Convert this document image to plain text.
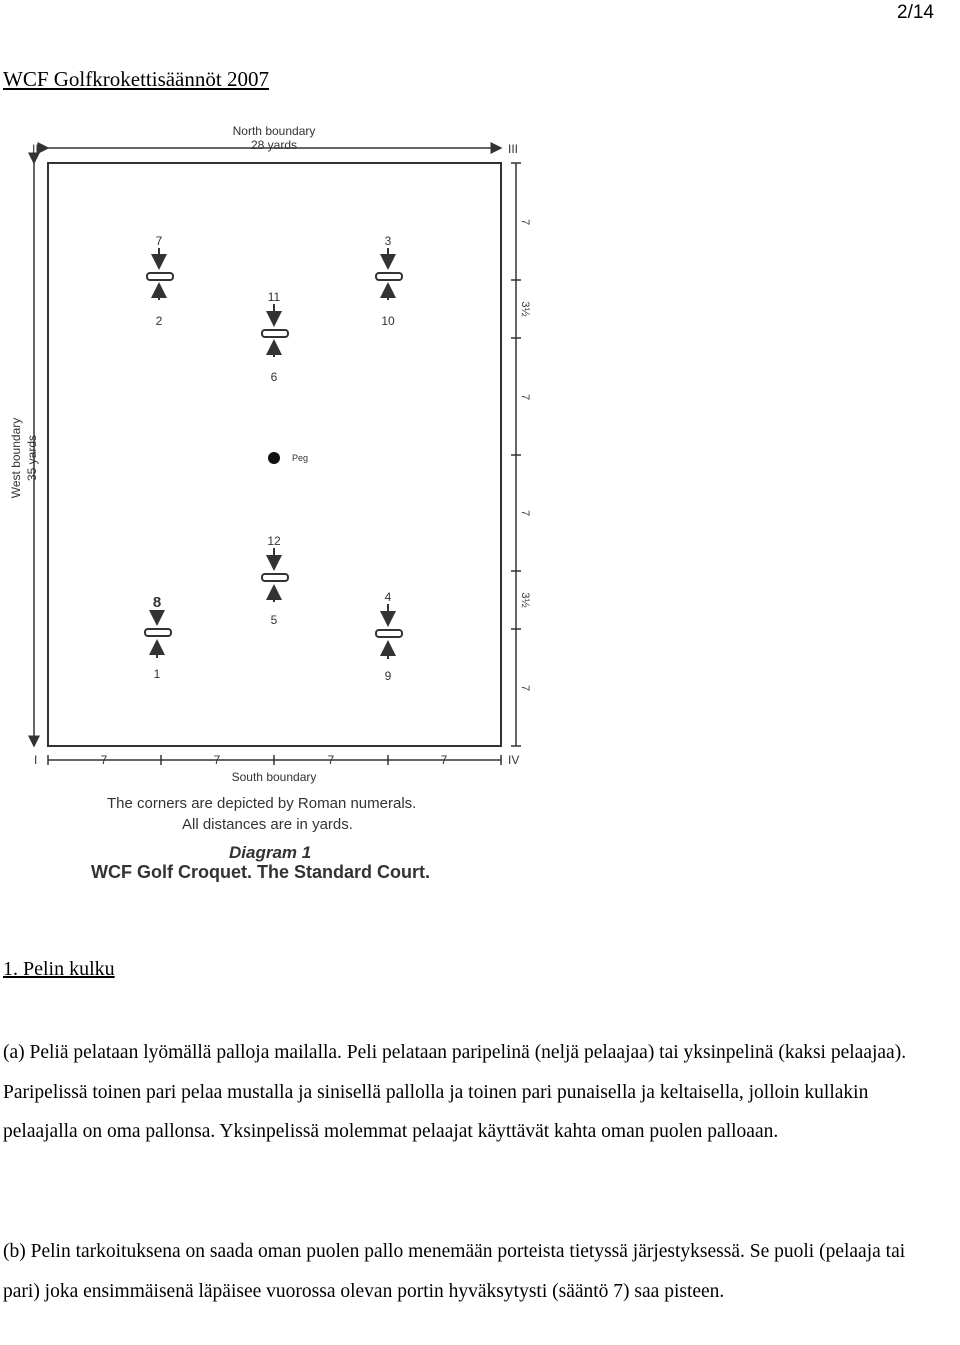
2/14
WCF Golfkrokettisäännöt 2007
North boundary
28 yards
II	III
I	IV
West boundary 35 yards
7
3½
7
7
3½
7
7	7	7	7
South boundary
7
2
3
10
11
6
Peg
12
5
8
1
4
9
The corners are depicted by Roman numerals.
All distances are in yards.
Diagram 1
WCF Golf Croquet. The Standard Court.
1. Pelin kulku

(a) Peliä pelataan lyömällä palloja mailalla. Peli pelataan paripelinä (neljä pelaajaa) tai yksinpelinä (kaksi pelaajaa). Paripelissä toinen pari pelaa mustalla ja sinisellä pallolla ja toinen pari punaisella ja keltaisella, jolloin kullakin pelaajalla on oma pallonsa. Yksinpelissä molemmat pelaajat käyttävät kahta oman puolen palloaan.

(b) Pelin tarkoituksena on saada oman puolen pallo menemään porteista tietyssä järjestyksessä. Se puoli (pelaaja tai pari) joka ensimmäisenä läpäisee vuorossa olevan portin hyväksytysti (sääntö 7) saa pisteen.
